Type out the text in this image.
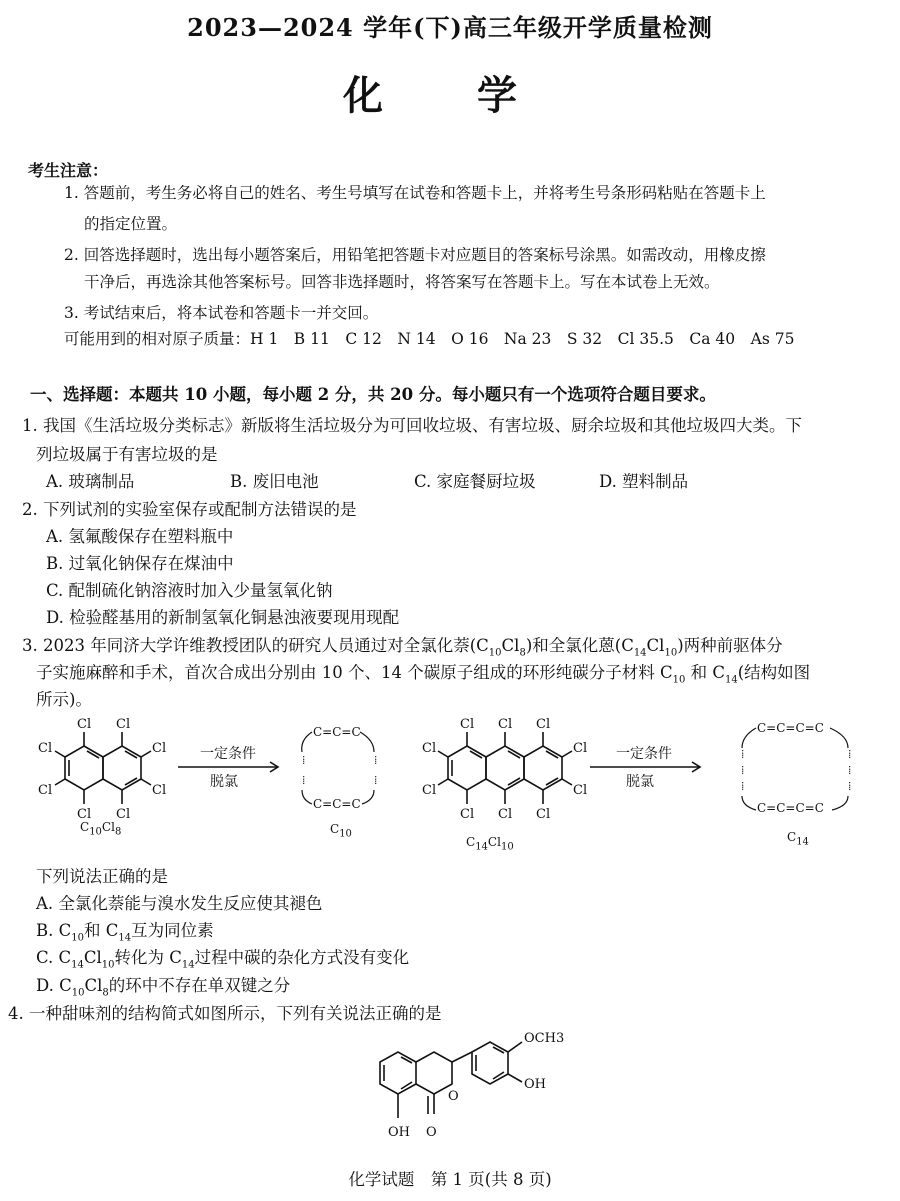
2023—2024 学年(下)高三年级开学质量检测
化 学
考生注意：
1. 答题前，考生务必将自己的姓名、考生号填写在试卷和答题卡上，并将考生号条形码粘贴在答题卡上
的指定位置。
2. 回答选择题时，选出每小题答案后，用铅笔把答题卡对应题目的答案标号涂黑。如需改动，用橡皮擦
干净后，再选涂其他答案标号。回答非选择题时，将答案写在答题卡上。写在本试卷上无效。
3. 考试结束后，将本试卷和答题卡一并交回。
可能用到的相对原子质量：H 1　B 11　C 12　N 14　O 16　Na 23　S 32　Cl 35.5　Ca 40　As 75
一、选择题：本题共 10 小题，每小题 2 分，共 20 分。每小题只有一个选项符合题目要求。
1. 我国《生活垃圾分类标志》新版将生活垃圾分为可回收垃圾、有害垃圾、厨余垃圾和其他垃圾四大类。下
列垃圾属于有害垃圾的是
A. 玻璃制品	B. 废旧电池	C. 家庭餐厨垃圾	D. 塑料制品
2. 下列试剂的实验室保存或配制方法错误的是
A. 氢氟酸保存在塑料瓶中
B. 过氧化钠保存在煤油中
C. 配制硫化钠溶液时加入少量氢氧化钠
D. 检验醛基用的新制氢氧化铜悬浊液要现用现配
3. 2023 年同济大学许维教授团队的研究人员通过对全氯化萘$(C_{10}Cl_8)$和全氯化蒽$(C_{14}Cl_{10})$两种前驱体分
子实施麻醉和手术，首次合成出分别由 10 个、14 个碳原子组成的环形纯碳分子材料 $C_{10}$ 和 $C_{14}$(结构如图
所示)。
Cl Cl
Cl Cl
Cl
Cl
Cl
Cl
Cl Cl Cl
Cl Cl Cl
Cl
Cl
Cl
Cl
一定条件
脱氯
一定条件
脱氯
C=C=C
C=C=C
⁞
⁞
⁞
⁞
C=C=C=C
C=C=C=C
⁞
⁞
⁞
⁞
⁞
⁞
$C_{10}Cl_8$	$C_{10}$
$C_{14}Cl_{10}$
$C_{14}$
下列说法正确的是
A. 全氯化萘能与溴水发生反应使其褪色
B. $C_{10}$和 $C_{14}$互为同位素
C. $C_{14}Cl_{10}$转化为 $C_{14}$过程中碳的杂化方式没有变化
D. $C_{10}Cl_8$的环中不存在单双键之分
4. 一种甜味剂的结构简式如图所示，下列有关说法正确的是
OCH3
OH
OH O
O
化学试题　第 1 页(共 8 页)
